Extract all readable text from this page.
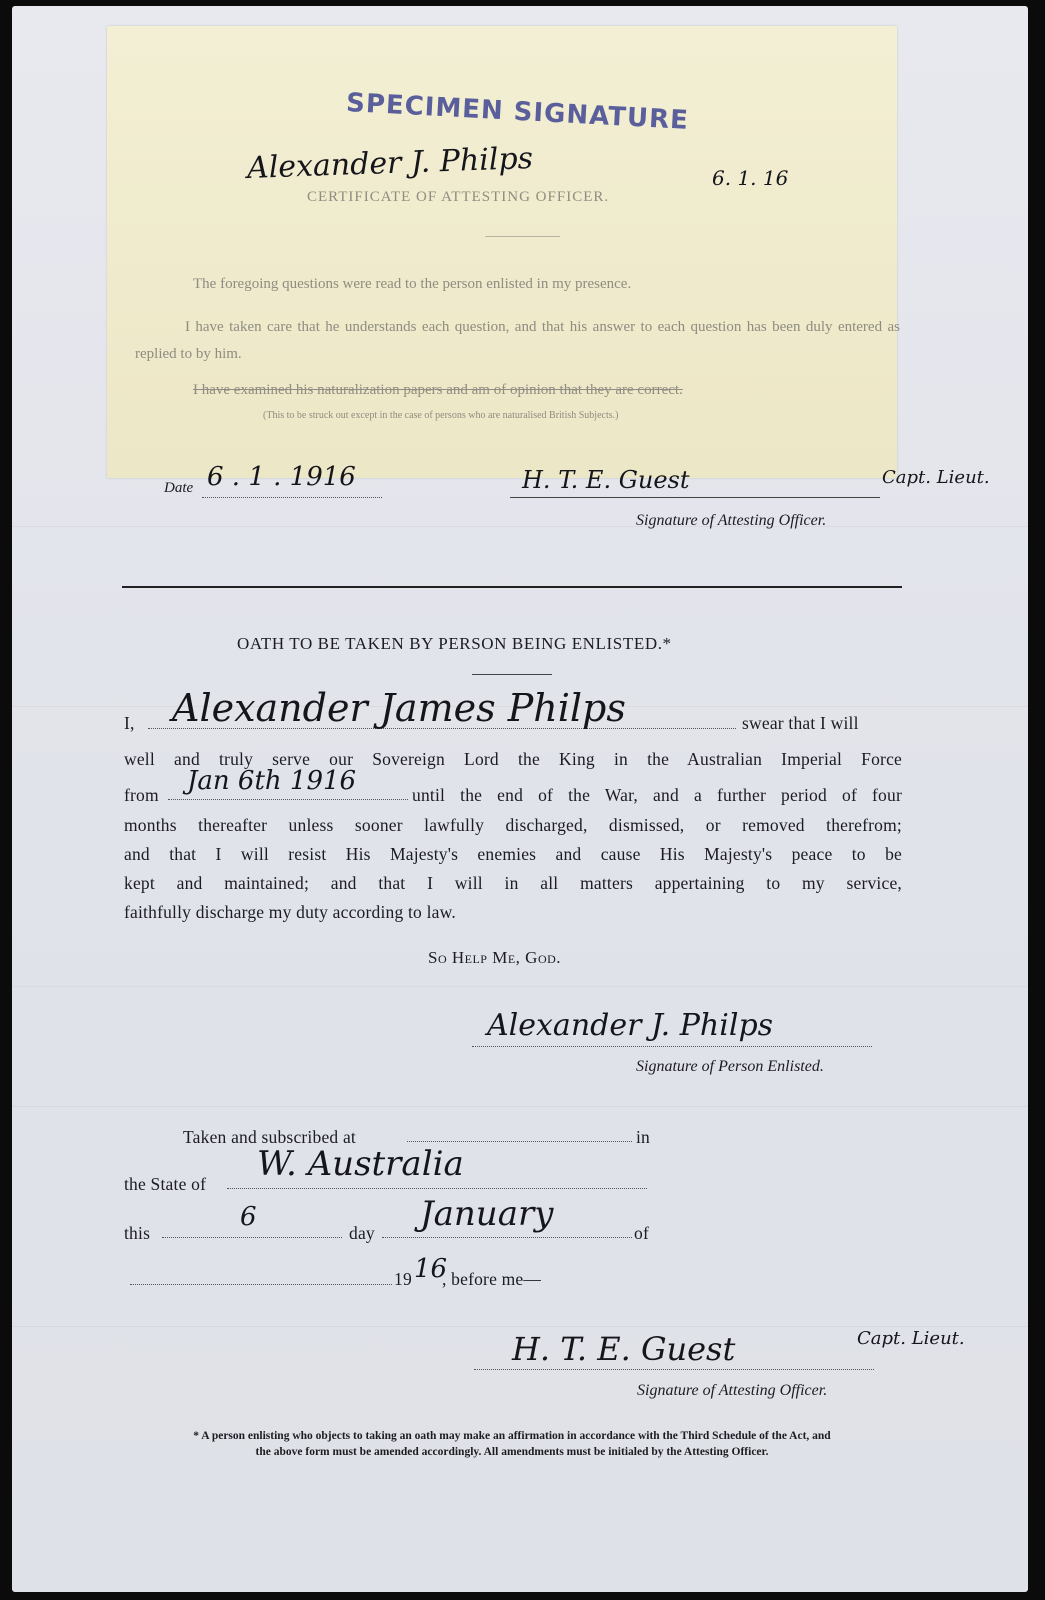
SPECIMEN SIGNATURE
Alexander J. Philps	6. 1. 16
CERTIFICATE OF ATTESTING OFFICER.
The foregoing questions were read to the person enlisted in my presence.
I have taken care that he understands each question, and that his answer to each question has been duly entered as replied to by him.
I have examined his naturalization papers and am of opinion that they are correct.
(This to be struck out except in the case of persons who are naturalised British Subjects.)
Date 6 . 1 . 1916	H. T. E. Guest	Capt. Lieut.
Signature of Attesting Officer.
OATH TO BE TAKEN BY PERSON BEING ENLISTED.*
I, Alexander James Philps	swear that I will
well and truly serve our Sovereign Lord the King in the Australian Imperial Force
from Jan 6th 1916	until the end of the War, and a further period of four
months thereafter unless sooner lawfully discharged, dismissed, or removed therefrom;
and that I will resist His Majesty's enemies and cause His Majesty's peace to be
kept and maintained; and that I will in all matters appertaining to my service,
faithfully discharge my duty according to law.
So Help Me, God.
Alexander J. Philps
Signature of Person Enlisted.
Taken and subscribed at	in
the State of W. Australia
this
6
day January	of
19 16
, before me—
H. T. E. Guest	Capt. Lieut.
Signature of Attesting Officer.
* A person enlisting who objects to taking an oath may make an affirmation in accordance with the Third Schedule of the Act, and
the above form must be amended accordingly. All amendments must be initialed by the Attesting Officer.
